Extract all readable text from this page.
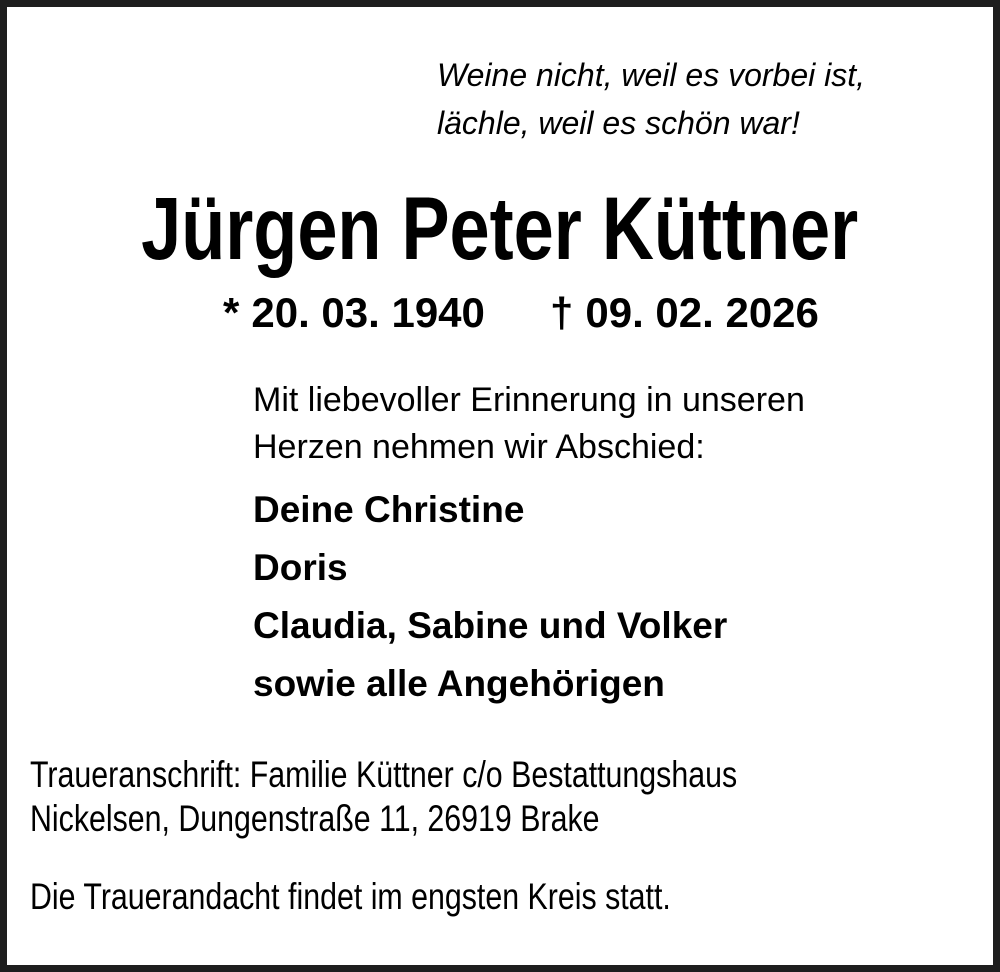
Weine nicht, weil es vorbei ist,
lächle, weil es schön war!
Jürgen Peter Küttner
* 20. 03. 1940 † 09. 02. 2026
Mit liebevoller Erinnerung in unseren
Herzen nehmen wir Abschied:
Deine Christine
Doris
Claudia, Sabine und Volker
sowie alle Angehörigen
Traueranschrift: Familie Küttner c/o Bestattungshaus
Nickelsen, Dungenstraße 11, 26919 Brake
Die Trauerandacht findet im engsten Kreis statt.
